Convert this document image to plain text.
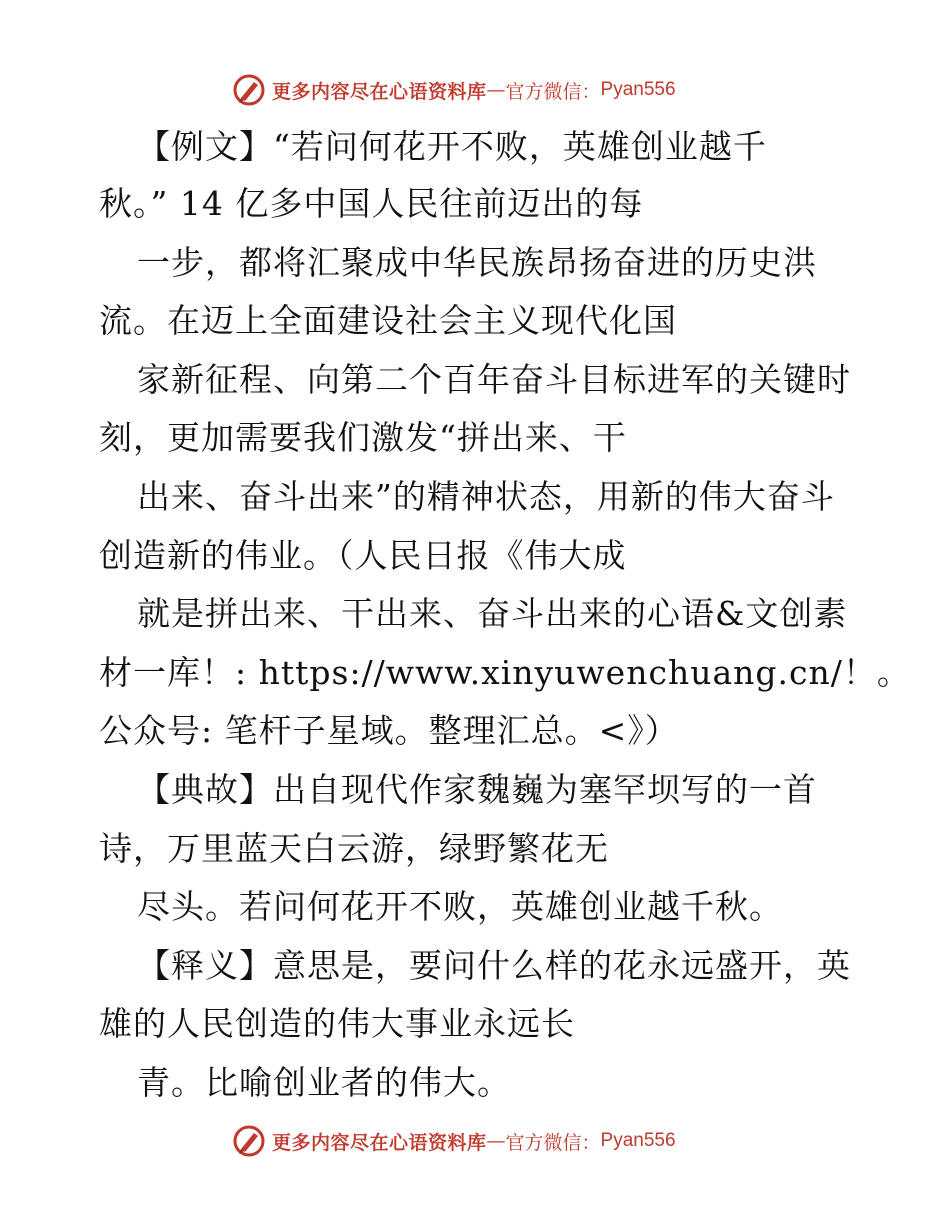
更多内容尽在心语资料库 — 官方微信： Pyan556
【例文】“若问何花开不败，英雄创业越千
秋。” 14 亿多中国人民往前迈出的每
一步，都将汇聚成中华民族昂扬奋进的历史洪
流。在迈上全面建设社会主义现代化国
家新征程、向第二个百年奋斗目标进军的关键时
刻，更加需要我们激发“拼出来、干
出来、奋斗出来”的精神状态，用新的伟大奋斗
创造新的伟业。（人民日报《伟大成
就是拼出来、干出来、奋斗出来的心语&文创素
材一库！: https://www.xinyuwenchuang.cn/！。
公众号: 笔杆子星域。整理汇总。<》）
【典故】出自现代作家魏巍为塞罕坝写的一首
诗，万里蓝天白云游，绿野繁花无
尽头。若问何花开不败，英雄创业越千秋。
【释义】意思是，要问什么样的花永远盛开，英
雄的人民创造的伟大事业永远长
青。比喻创业者的伟大。
更多内容尽在心语资料库 — 官方微信： Pyan556
